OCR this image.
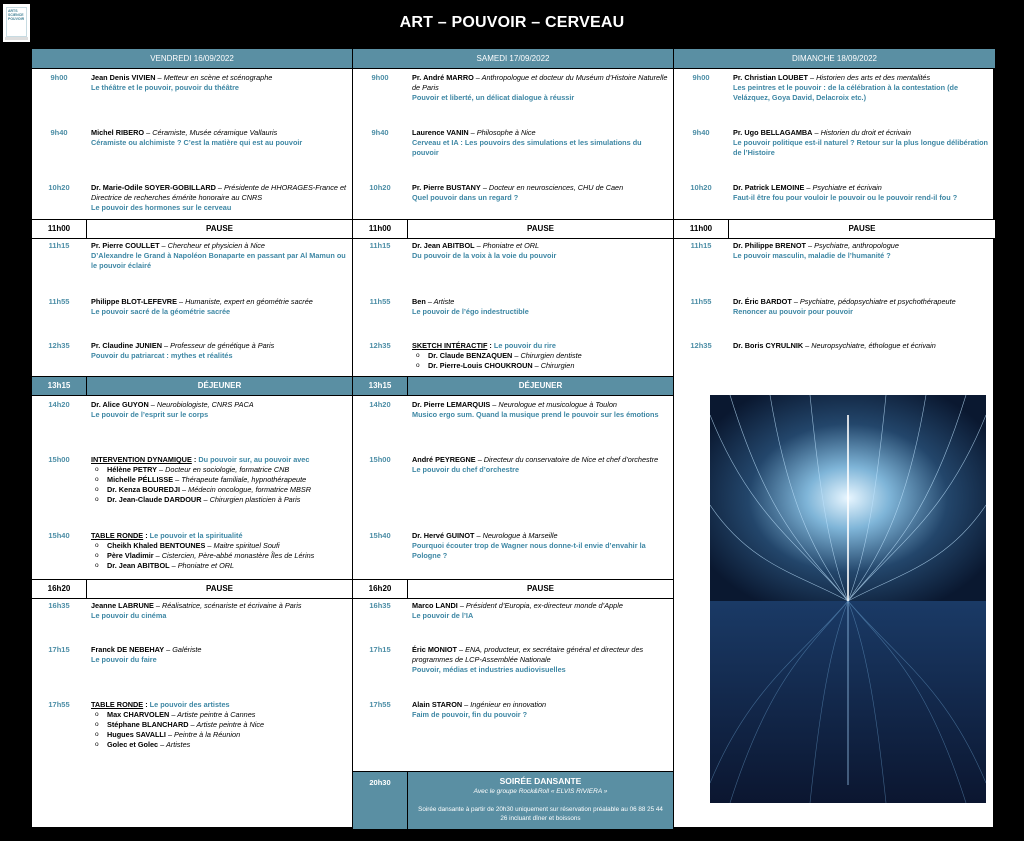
ARTS SCIENCE POUVOIR	ART – POUVOIR – CERVEAU
VENDREDI 16/09/2022
9h00	Jean Denis VIVIEN – Metteur en scène et scénographe
Le théâtre et le pouvoir, pouvoir du théâtre
9h40	Michel RIBERO – Céramiste, Musée céramique Vallauris
Céramiste ou alchimiste ? C’est la matière qui est au pouvoir
10h20	Dr. Marie-Odile SOYER-GOBILLARD – Présidente de HHORAGES-France et Directrice de recherches émérite honoraire au CNRS
Le pouvoir des hormones sur le cerveau
11h00	PAUSE
11h15	Pr. Pierre COULLET – Chercheur et physicien à Nice
D’Alexandre le Grand à Napoléon Bonaparte en passant par Al Mamun ou le pouvoir éclairé
11h55	Philippe BLOT-LEFEVRE – Humaniste, expert en géométrie sacrée
Le pouvoir sacré de la géométrie sacrée
12h35	Pr. Claudine JUNIEN – Professeur de génétique à Paris
Pouvoir du patriarcat : mythes et réalités
13h15	DÉJEUNER
14h20	Dr. Alice GUYON – Neurobiologiste, CNRS PACA
Le pouvoir de l’esprit sur le corps
15h00	INTERVENTION DYNAMIQUE : Du pouvoir sur, au pouvoir avec
o Hélène PETRY – Docteur en sociologie, formatrice CNB
o Michelle PÉLLISSE – Thérapeute familiale, hypnothérapeute
o Dr. Kenza BOUREDJI – Médecin oncologue, formatrice MBSR
o Dr. Jean-Claude DARDOUR – Chirurgien plasticien à Paris
15h40	TABLE RONDE : Le pouvoir et la spiritualité
o Cheikh Khaled BENTOUNES – Maitre spirituel Soufi
o Père Vladimir – Cistercien, Père-abbé monastère Îles de Lérins
o Dr. Jean ABITBOL – Phoniatre et ORL
16h20	PAUSE
16h35	Jeanne LABRUNE – Réalisatrice, scénariste et écrivaine à Paris
Le pouvoir du cinéma
17h15	Franck DE NEBEHAY – Galériste
Le pouvoir du faire
17h55	TABLE RONDE : Le pouvoir des artistes
o Max CHARVOLEN – Artiste peintre à Cannes
o Stéphane BLANCHARD – Artiste peintre à Nice
o Hugues SAVALLI – Peintre à la Réunion
o Golec et Golec – Artistes
SAMEDI 17/09/2022
9h00	Pr. André MARRO – Anthropologue et docteur du Muséum d’Histoire Naturelle de Paris
Pouvoir et liberté, un délicat dialogue à réussir
9h40	Laurence VANIN – Philosophe à Nice
Cerveau et IA : Les pouvoirs des simulations et les simulations du pouvoir
10h20	Pr. Pierre BUSTANY – Docteur en neurosciences, CHU de Caen
Quel pouvoir dans un regard ?
11h00	PAUSE
11h15	Dr. Jean ABITBOL – Phoniatre et ORL
Du pouvoir de la voix à la voie du pouvoir
11h55	Ben – Artiste
Le pouvoir de l’égo indestructible
12h35	SKETCH INTÉRACTIF : Le pouvoir du rire
o Dr. Claude BENZAQUEN – Chirurgien dentiste
o Dr. Pierre-Louis CHOUKROUN – Chirurgien
13h15	DÉJEUNER
14h20	Dr. Pierre LEMARQUIS – Neurologue et musicologue à Toulon
Musico ergo sum. Quand la musique prend le pouvoir sur les émotions
15h00	André PEYREGNE – Directeur du conservatoire de Nice et chef d’orchestre
Le pouvoir du chef d’orchestre
15h40	Dr. Hervé GUINOT – Neurologue à Marseille
Pourquoi écouter trop de Wagner nous donne-t-il envie d’envahir la Pologne ?
16h20	PAUSE
16h35	Marco LANDI – Président d’Europia, ex-directeur monde d’Apple
Le pouvoir de l’IA
17h15	Éric MONIOT – ENA, producteur, ex secrétaire général et directeur des programmes de LCP-Assemblée Nationale
Pouvoir, médias et industries audiovisuelles
17h55	Alain STARON – Ingénieur en innovation
Faim de pouvoir, fin du pouvoir ?
20h30	SOIRÉE DANSANTE
Avec le groupe Rock&Roll « ELVIS RIVIERA »
Soirée dansante à partir de 20h30 uniquement sur réservation préalable au 06 88 25 44 26 incluant dîner et boissons
DIMANCHE 18/09/2022
9h00	Pr. Christian LOUBET – Historien des arts et des mentalités
Les peintres et le pouvoir : de la célébration à la contestation (de Velázquez, Goya David, Delacroix etc.)
9h40	Pr. Ugo BELLAGAMBA – Historien du droit et écrivain
Le pouvoir politique est-il naturel ? Retour sur la plus longue délibération de l’Histoire
10h20	Dr. Patrick LEMOINE – Psychiatre et écrivain
Faut-il être fou pour vouloir le pouvoir ou le pouvoir rend-il fou ?
11h00	PAUSE
11h15	Dr. Philippe BRENOT – Psychiatre, anthropologue
Le pouvoir masculin, maladie de l’humanité ?
11h55	Dr. Éric BARDOT – Psychiatre, pédopsychiatre et psychothérapeute
Renoncer au pouvoir pour pouvoir
12h35	Dr. Boris CYRULNIK – Neuropsychiatre, éthologue et écrivain
